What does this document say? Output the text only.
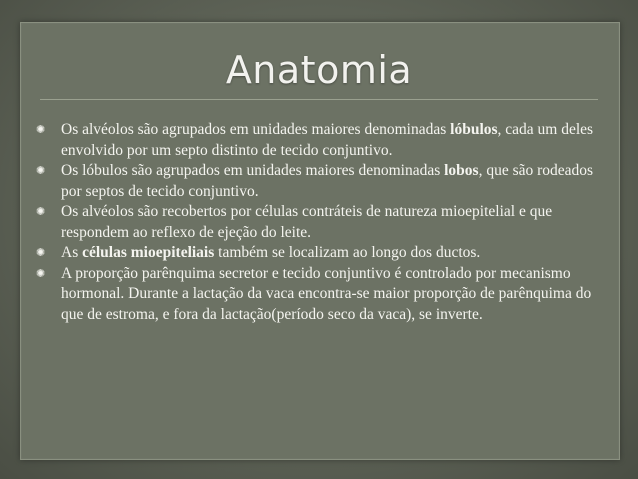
Anatomia
✺	Os alvéolos são agrupados em unidades maiores denominadas lóbulos, cada um deles envolvido por um septo distinto de tecido conjuntivo.
✺	Os lóbulos são agrupados em unidades maiores denominadas lobos, que são rodeados por septos de tecido conjuntivo.
✺	Os alvéolos são recobertos por células contráteis de natureza mioepitelial e que respondem ao reflexo de ejeção do leite.
✺	As células mioepiteliais também se localizam ao longo dos ductos.
✺	A proporção parênquima secretor e tecido conjuntivo é controlado por mecanismo hormonal. Durante a lactação da vaca encontra-se maior proporção de parênquima do que de estroma, e fora da lactação(período seco da vaca), se inverte.
